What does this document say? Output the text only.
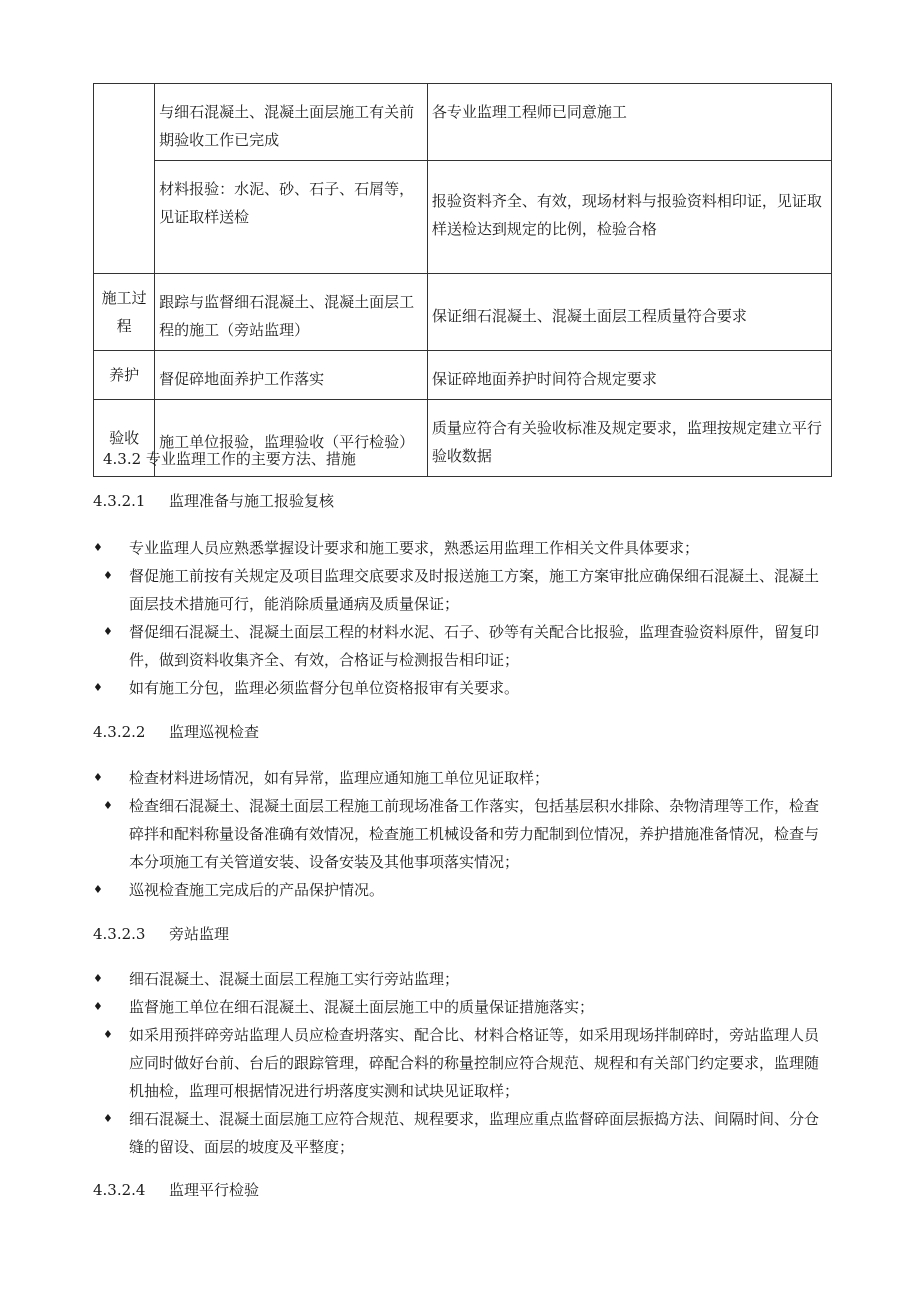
	与细石混凝土、混凝土面层施工有关前期验收工作已完成	各专业监理工程师已同意施工
	材料报验：水泥、砂、石子、石屑等，见证取样送检	报验资料齐全、有效，现场材料与报验资料相印证，见证取样送检达到规定的比例，检验合格
施工过程	跟踪与监督细石混凝土、混凝土面层工程的施工（旁站监理）	保证细石混凝土、混凝土面层工程质量符合要求
养护	督促碎地面养护工作落实	保证碎地面养护时间符合规定要求
验收	施工单位报验，监理验收（平行检验）	质量应符合有关验收标准及规定要求，监理按规定建立平行验收数据
4.3.2 专业监理工作的主要方法、措施
4.3.2.1 监理准备与施工报验复核
♦ 专业监理人员应熟悉掌握设计要求和施工要求，熟悉运用监理工作相关文件具体要求；
♦ 督促施工前按有关规定及项目监理交底要求及时报送施工方案，施工方案审批应确保细石混凝土、混凝土面层技术措施可行，能消除质量通病及质量保证；
♦ 督促细石混凝土、混凝土面层工程的材料水泥、石子、砂等有关配合比报验，监理査验资料原件，留复印件，做到资料收集齐全、有效，合格证与检测报告相印证；
♦ 如有施工分包，监理必须监督分包单位资格报审有关要求。
4.3.2.2 监理巡视检查
♦ 检查材料进场情况，如有异常，监理应通知施工单位见证取样；
♦ 检查细石混凝土、混凝土面层工程施工前现场准备工作落实，包括基层积水排除、杂物清理等工作，检查碎拌和配料称量设备准确有效情况，检查施工机械设备和劳力配制到位情况，养护措施准备情况，检查与本分项施工有关管道安装、设备安装及其他事项落实情况；
♦ 巡视检査施工完成后的产品保护情况。
4.3.2.3 旁站监理
♦ 细石混凝土、混凝土面层工程施工实行旁站监理；
♦ 监督施工单位在细石混凝土、混凝土面层施工中的质量保证措施落实；
♦ 如采用预拌碎旁站监理人员应检查坍落实、配合比、材料合格证等，如采用现场拌制碎时，旁站监理人员应同时做好台前、台后的跟踪管理，碎配合料的称量控制应符合规范、规程和有关部门约定要求，监理随机抽检，监理可根据情况进行坍落度实测和试块见证取样；
♦ 细石混凝土、混凝土面层施工应符合规范、规程要求，监理应重点监督碎面层振捣方法、间隔时间、分仓缝的留设、面层的坡度及平整度；
4.3.2.4 监理平行检验
